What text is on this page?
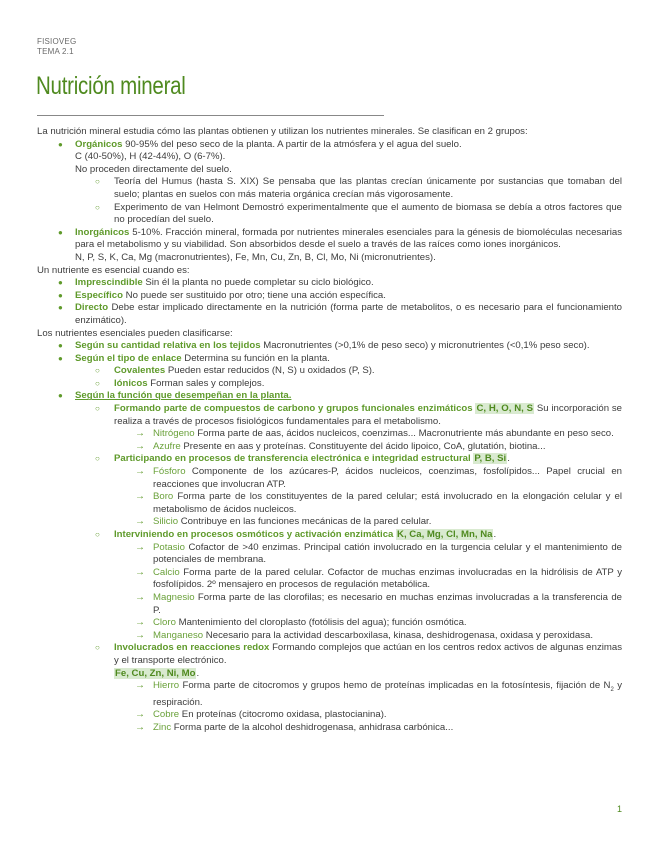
FISIOVEG
TEMA 2.1
Nutrición mineral

La nutrición mineral estudia cómo las plantas obtienen y utilizan los nutrientes minerales. Se clasifican en 2 grupos:

● Orgánicos 90-95% del peso seco de la planta. A partir de la atmósfera y el agua del suelo.

C (40-50%), H (42-44%), O (6-7%).

No proceden directamente del suelo.

○ Teoría del Humus (hasta S. XIX) Se pensaba que las plantas crecían únicamente por sustancias que tomaban del suelo; plantas en suelos con más materia orgánica crecían más vigorosamente.

○ Experimento de van Helmont Demostró experimentalmente que el aumento de biomasa se debía a otros factores que no procedían del suelo.

● Inorgánicos 5-10%. Fracción mineral, formada por nutrientes minerales esenciales para la génesis de biomoléculas necesarias para el metabolismo y su viabilidad. Son absorbidos desde el suelo a través de las raíces como iones inorgánicos.

N, P, S, K, Ca, Mg (macronutrientes), Fe, Mn, Cu, Zn, B, Cl, Mo, Ni (micronutrientes).

Un nutriente es esencial cuando es:

● Imprescindible Sin él la planta no puede completar su ciclo biológico.

● Específico No puede ser sustituido por otro; tiene una acción específica.

● Directo Debe estar implicado directamente en la nutrición (forma parte de metabolitos, o es necesario para el funcionamiento enzimático).

Los nutrientes esenciales pueden clasificarse:

● Según su cantidad relativa en los tejidos Macronutrientes (>0,1% de peso seco) y micronutrientes (<0,1% peso seco).

● Según el tipo de enlace Determina su función en la planta.

○ Covalentes Pueden estar reducidos (N, S) u oxidados (P, S).

○ Iónicos Forman sales y complejos.

● Según la función que desempeñan en la planta.

○ Formando parte de compuestos de carbono y grupos funcionales enzimáticos C, H, O, N, S Su incorporación se realiza a través de procesos fisiológicos fundamentales para el metabolismo.

→ Nitrógeno Forma parte de aas, ácidos nucleicos, coenzimas... Macronutriente más abundante en peso seco.

→ Azufre Presente en aas y proteínas. Constituyente del ácido lipoico, CoA, glutatión, biotina...

○ Participando en procesos de transferencia electrónica e integridad estructural P, B, Si.

→ Fósforo Componente de los azúcares-P, ácidos nucleicos, coenzimas, fosfolípidos... Papel crucial en reacciones que involucran ATP.

→ Boro Forma parte de los constituyentes de la pared celular; está involucrado en la elongación celular y el metabolismo de ácidos nucleicos.

→ Silicio Contribuye en las funciones mecánicas de la pared celular.

○ Interviniendo en procesos osmóticos y activación enzimática K, Ca, Mg, Cl, Mn, Na.

→ Potasio Cofactor de >40 enzimas. Principal catión involucrado en la turgencia celular y el mantenimiento de potenciales de membrana.

→ Calcio Forma parte de la pared celular. Cofactor de muchas enzimas involucradas en la hidrólisis de ATP y fosfolípidos. 2º mensajero en procesos de regulación metabólica.

→ Magnesio Forma parte de las clorofilas; es necesario en muchas enzimas involucradas a la transferencia de P.

→ Cloro Mantenimiento del cloroplasto (fotólisis del agua); función osmótica.

→ Manganeso Necesario para la actividad descarboxilasa, kinasa, deshidrogenasa, oxidasa y peroxidasa.

○ Involucrados en reacciones redox Formando complejos que actúan en los centros redox activos de algunas enzimas y el transporte electrónico.

Fe, Cu, Zn, Ni, Mo.

→ Hierro Forma parte de citocromos y grupos hemo de proteínas implicadas en la fotosíntesis, fijación de $N_2$ y respiración.

→ Cobre En proteínas (citocromo oxidasa, plastocianina).

→ Zinc Forma parte de la alcohol deshidrogenasa, anhidrasa carbónica...

1
